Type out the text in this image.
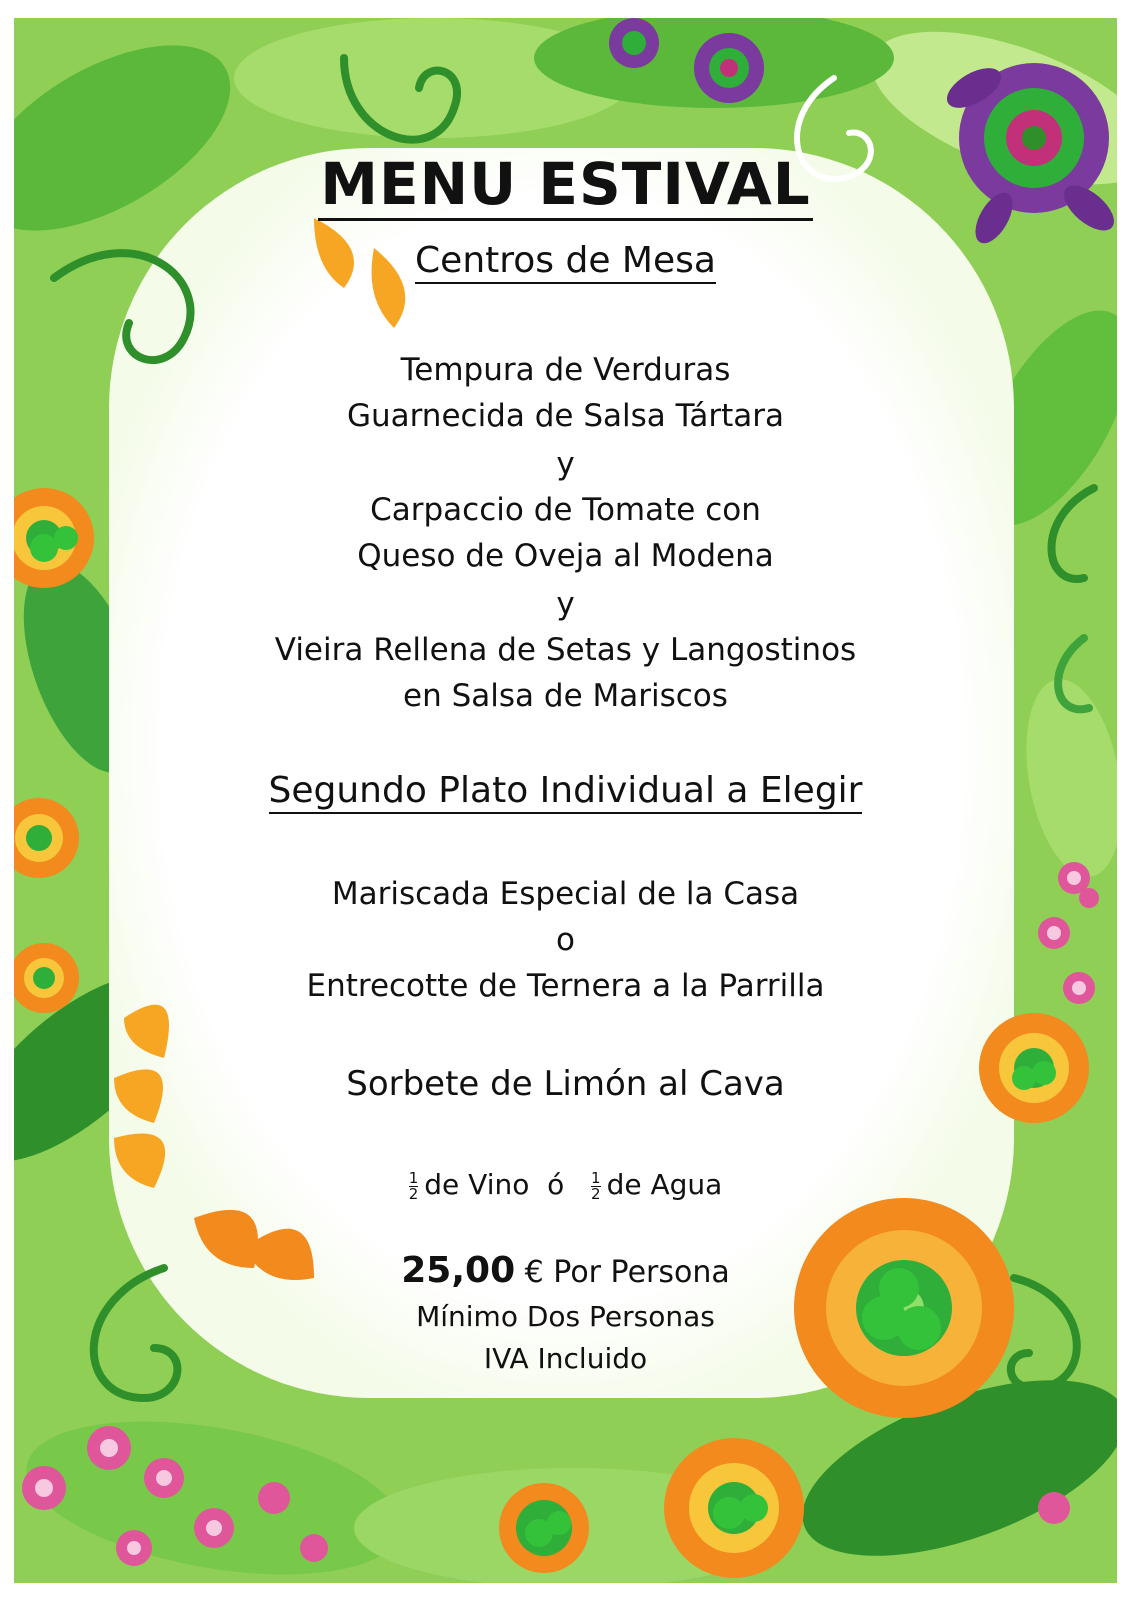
MENU ESTIVAL
Centros de Mesa
Tempura de Verduras
Guarnecida de Salsa Tártara
y
Carpaccio de Tomate con
Queso de Oveja al Modena
y
Vieira Rellena de Setas y Langostinos
en Salsa de Mariscos
Segundo Plato Individual a Elegir
Mariscada Especial de la Casa
o
Entrecotte de Ternera a la Parrilla
Sorbete de Limón al Cava
$\frac{1}{2}$ de Vino ó $\frac{1}{2}$ de Agua
25,00 € Por Persona
Mínimo Dos Personas
IVA Incluido
